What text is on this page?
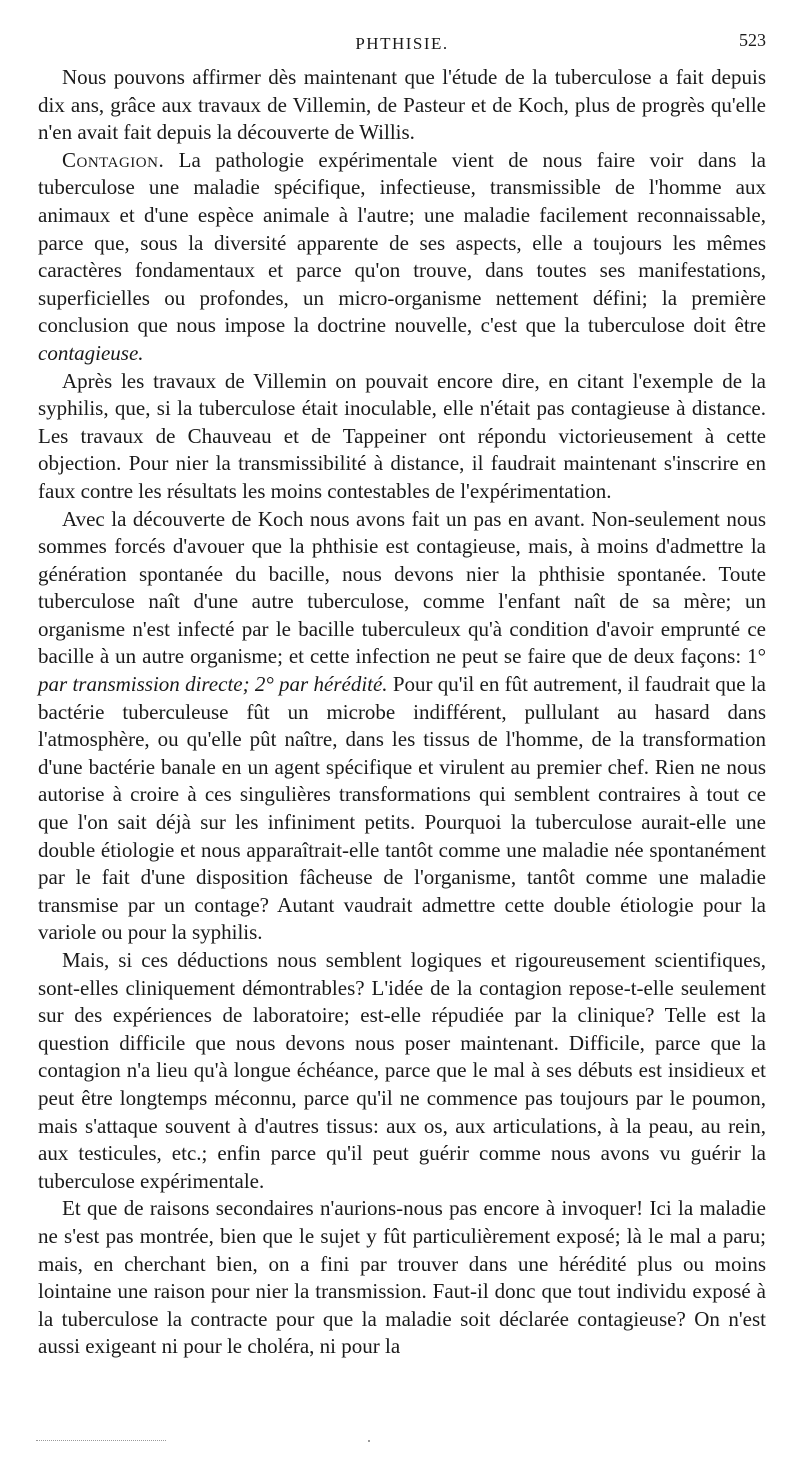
PHTHISIE.	523

Nous pouvons affirmer dès maintenant que l'étude de la tuberculose a fait depuis dix ans, grâce aux travaux de Villemin, de Pasteur et de Koch, plus de progrès qu'elle n'en avait fait depuis la découverte de Willis.

Contagion. La pathologie expérimentale vient de nous faire voir dans la tuberculose une maladie spécifique, infectieuse, transmissible de l'homme aux animaux et d'une espèce animale à l'autre; une maladie facilement reconnaissable, parce que, sous la diversité apparente de ses aspects, elle a toujours les mêmes caractères fondamentaux et parce qu'on trouve, dans toutes ses manifestations, superficielles ou profondes, un micro-organisme nettement défini; la première conclusion que nous impose la doctrine nouvelle, c'est que la tuberculose doit être contagieuse.

Après les travaux de Villemin on pouvait encore dire, en citant l'exemple de la syphilis, que, si la tuberculose était inoculable, elle n'était pas contagieuse à distance. Les travaux de Chauveau et de Tappeiner ont répondu victorieusement à cette objection. Pour nier la transmissibilité à distance, il faudrait maintenant s'inscrire en faux contre les résultats les moins contestables de l'expérimentation.

Avec la découverte de Koch nous avons fait un pas en avant. Non-seulement nous sommes forcés d'avouer que la phthisie est contagieuse, mais, à moins d'admettre la génération spontanée du bacille, nous devons nier la phthisie spontanée. Toute tuberculose naît d'une autre tuberculose, comme l'enfant naît de sa mère; un organisme n'est infecté par le bacille tuberculeux qu'à condition d'avoir emprunté ce bacille à un autre organisme; et cette infection ne peut se faire que de deux façons: 1° par transmission directe; 2° par hérédité. Pour qu'il en fût autrement, il faudrait que la bactérie tuberculeuse fût un microbe indifférent, pullulant au hasard dans l'atmosphère, ou qu'elle pût naître, dans les tissus de l'homme, de la transformation d'une bactérie banale en un agent spécifique et virulent au premier chef. Rien ne nous autorise à croire à ces singulières transformations qui semblent contraires à tout ce que l'on sait déjà sur les infiniment petits. Pourquoi la tuberculose aurait-elle une double étiologie et nous apparaîtrait-elle tantôt comme une maladie née spontanément par le fait d'une disposition fâcheuse de l'organisme, tantôt comme une maladie transmise par un contage? Autant vaudrait admettre cette double étiologie pour la variole ou pour la syphilis.

Mais, si ces déductions nous semblent logiques et rigoureusement scientifiques, sont-elles cliniquement démontrables? L'idée de la contagion repose-t-elle seulement sur des expériences de laboratoire; est-elle répudiée par la clinique? Telle est la question difficile que nous devons nous poser maintenant. Difficile, parce que la contagion n'a lieu qu'à longue échéance, parce que le mal à ses débuts est insidieux et peut être longtemps méconnu, parce qu'il ne commence pas toujours par le poumon, mais s'attaque souvent à d'autres tissus: aux os, aux articulations, à la peau, au rein, aux testicules, etc.; enfin parce qu'il peut guérir comme nous avons vu guérir la tuberculose expérimentale.

Et que de raisons secondaires n'aurions-nous pas encore à invoquer! Ici la maladie ne s'est pas montrée, bien que le sujet y fût particulièrement exposé; là le mal a paru; mais, en cherchant bien, on a fini par trouver dans une hérédité plus ou moins lointaine une raison pour nier la transmission. Faut-il donc que tout individu exposé à la tuberculose la contracte pour que la maladie soit déclarée contagieuse? On n'est aussi exigeant ni pour le choléra, ni pour la
